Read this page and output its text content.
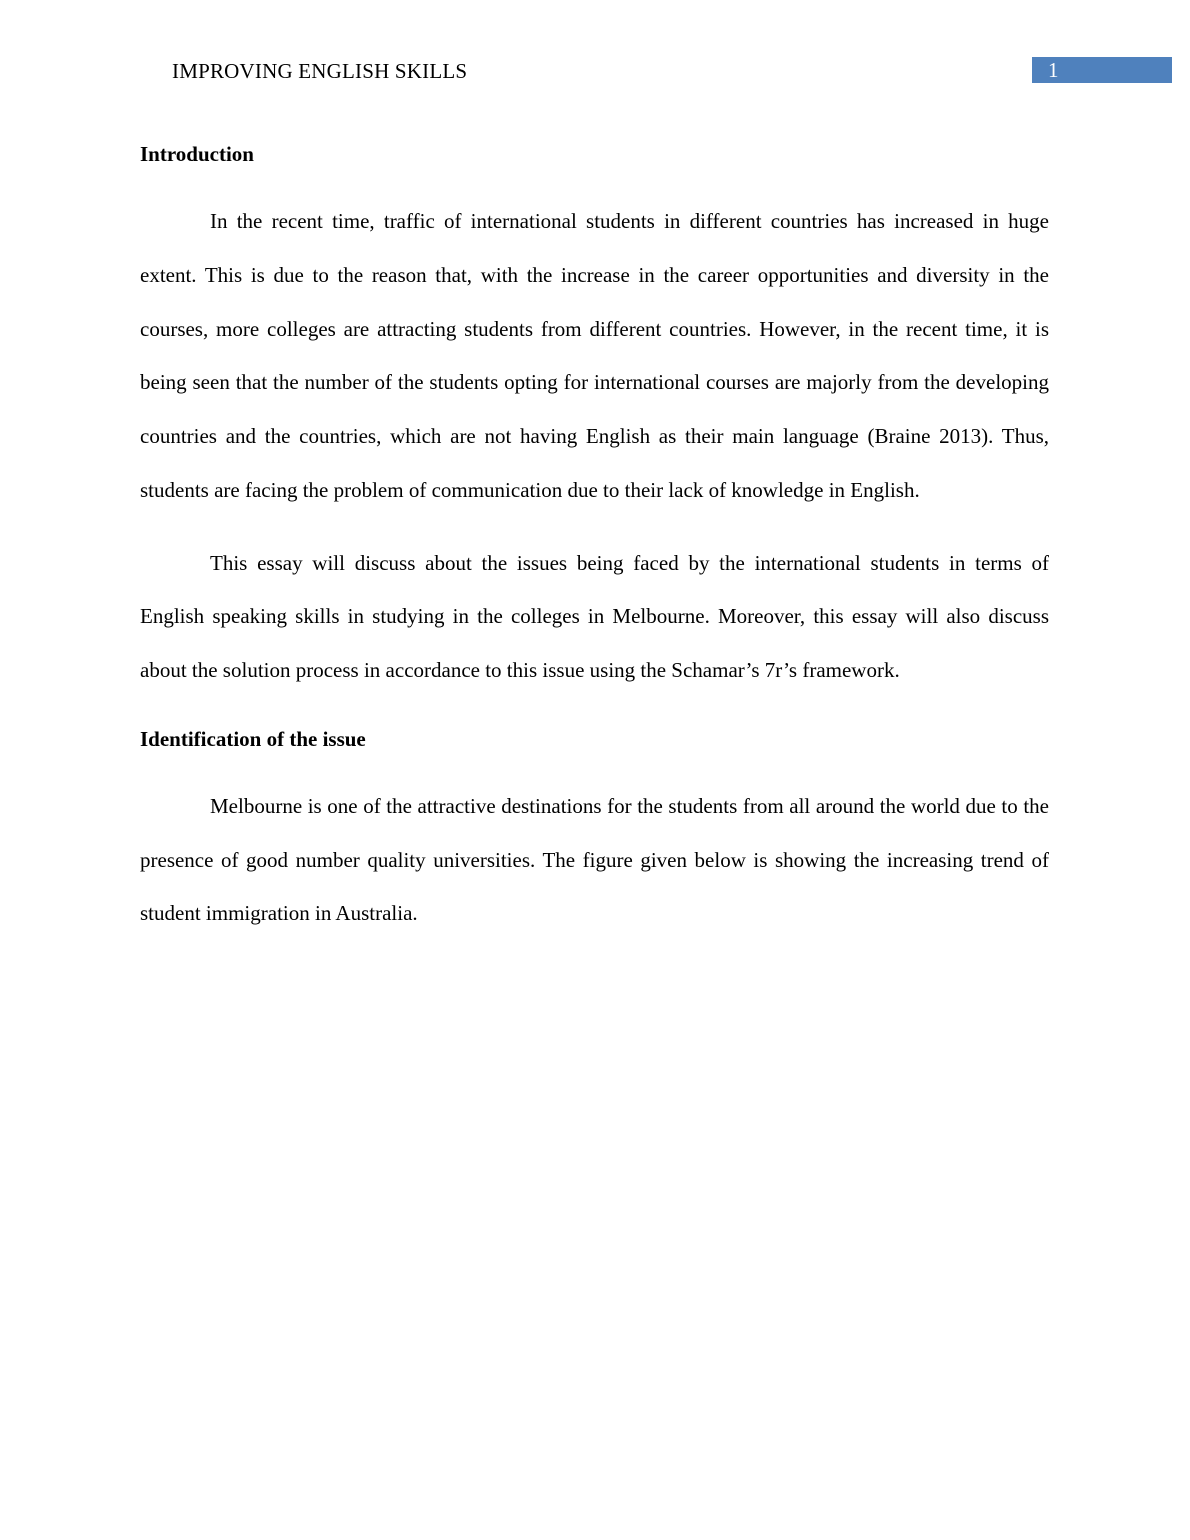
IMPROVING ENGLISH SKILLS	1
Introduction

In the recent time, traffic of international students in different countries has increased in huge extent. This is due to the reason that, with the increase in the career opportunities and diversity in the courses, more colleges are attracting students from different countries. However, in the recent time, it is being seen that the number of the students opting for international courses are majorly from the developing countries and the countries, which are not having English as their main language (Braine 2013). Thus, students are facing the problem of communication due to their lack of knowledge in English.

This essay will discuss about the issues being faced by the international students in terms of English speaking skills in studying in the colleges in Melbourne. Moreover, this essay will also discuss about the solution process in accordance to this issue using the Schamar’s 7r’s framework.

Identification of the issue

Melbourne is one of the attractive destinations for the students from all around the world due to the presence of good number quality universities. The figure given below is showing the increasing trend of student immigration in Australia.
